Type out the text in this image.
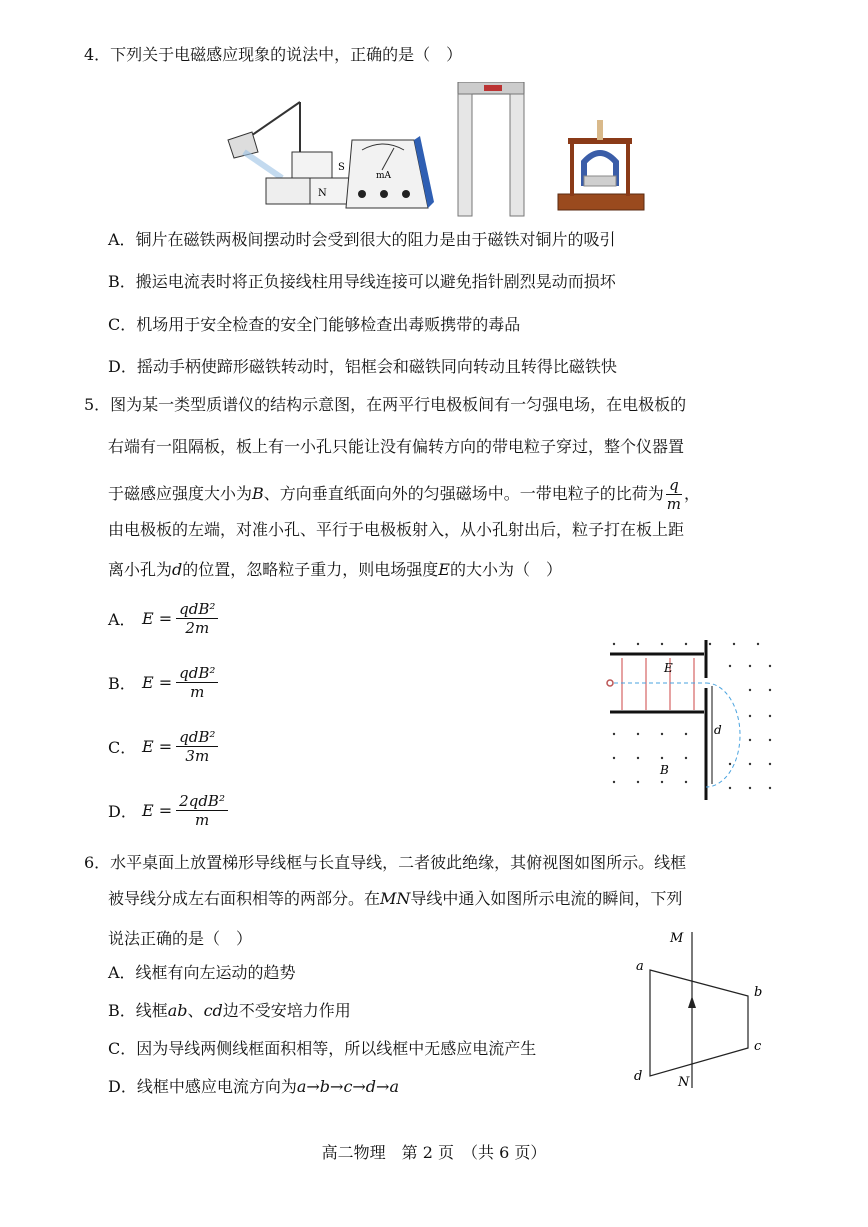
4．下列关于电磁感应现象的说法中，正确的是（　）
N
S
mA
A．铜片在磁铁两极间摆动时会受到很大的阻力是由于磁铁对铜片的吸引
B．搬运电流表时将正负接线柱用导线连接可以避免指针剧烈晃动而损坏
C．机场用于安全检查的安全门能够检查出毒贩携带的毒品
D．摇动手柄使蹄形磁铁转动时，铝框会和磁铁同向转动且转得比磁铁快
5．图为某一类型质谱仪的结构示意图，在两平行电极板间有一匀强电场，在电极板的
右端有一阻隔板，板上有一小孔只能让没有偏转方向的带电粒子穿过，整个仪器置
于磁感应强度大小为B、方向垂直纸面向外的匀强磁场中。一带电粒子的比荷为 $\frac{q}{m}$ ，
由电极板的左端，对准小孔、平行于电极板射入，从小孔射出后，粒子打在板上距
离小孔为d的位置，忽略粒子重力，则电场强度E的大小为（　）
A． $E = \frac{\text{qdB²}}{2m}$
B． $E = \frac{\text{qdB²}}{m}$
C． $E = \frac{\text{qdB²}}{3m}$
D． $E = \frac{\text{2qdB²}}{m}$
E
d
B
6．水平桌面上放置梯形导线框与长直导线，二者彼此绝缘，其俯视图如图所示。线框
被导线分成左右面积相等的两部分。在MN导线中通入如图所示电流的瞬间，下列
说法正确的是（　）
A．线框有向左运动的趋势
B．线框ab、cd边不受安培力作用
C．因为导线两侧线框面积相等，所以线框中无感应电流产生
D．线框中感应电流方向为a→b→c→d→a
M
N
a
b
c
d
高二物理　第 2 页　（共 6 页）
